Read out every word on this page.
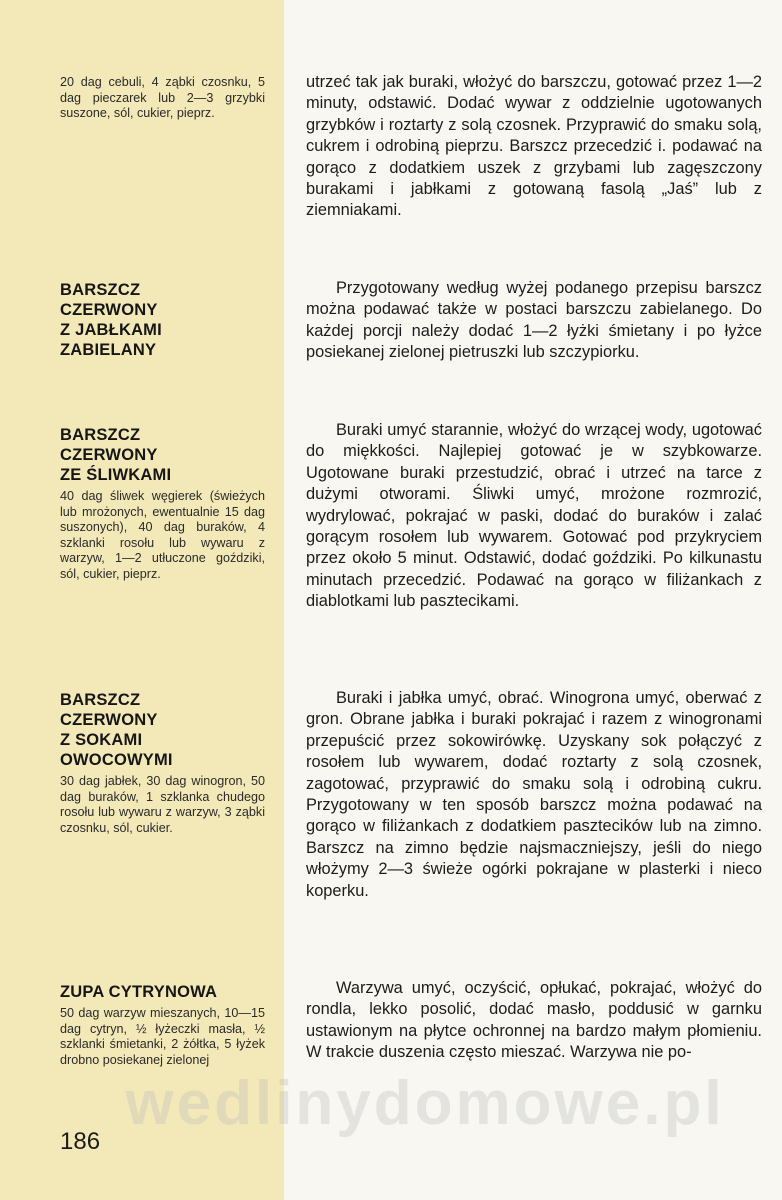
20 dag cebuli, 4 ząbki czosnku, 5 dag pieczarek lub 2—3 grzybki suszone, sól, cukier, pieprz.
BARSZCZ
CZERWONY
Z JABŁKAMI
ZABIELANY
BARSZCZ
CZERWONY
ZE ŚLIWKAMI
40 dag śliwek węgierek (świeżych lub mrożonych, ewentualnie 15 dag suszonych), 40 dag buraków, 4 szklanki rosołu lub wywaru z warzyw, 1—2 utłuczone goździki, sól, cukier, pieprz.
BARSZCZ
CZERWONY
Z SOKAMI
OWOCOWYMI
30 dag jabłek, 30 dag winogron, 50 dag buraków, 1 szklanka chudego rosołu lub wywaru z warzyw, 3 ząbki czosnku, sól, cukier.
ZUPA CYTRYNOWA
50 dag warzyw mieszanych, 10—15 dag cytryn, ½ łyżeczki masła, ½ szklanki śmietanki, 2 żółtka, 5 łyżek drobno posiekanej zielonej

utrzeć tak jak buraki, włożyć do barszczu, gotować przez 1—2 minuty, odstawić. Dodać wywar z oddzielnie ugotowanych grzybków i roztarty z solą czosnek. Przyprawić do smaku solą, cukrem i odrobiną pieprzu. Barszcz przecedzić i. podawać na gorąco z dodatkiem uszek z grzybami lub zagęszczony burakami i jabłkami z gotowaną fasolą „Jaś” lub z ziemniakami.

Przygotowany według wyżej podanego przepisu barszcz można podawać także w postaci barszczu zabielanego. Do każdej porcji należy dodać 1—2 łyżki śmietany i po łyżce posiekanej zielonej pietruszki lub szczypiorku.

Buraki umyć starannie, włożyć do wrzącej wody, ugotować do miękkości. Najlepiej gotować je w szybkowarze. Ugotowane buraki przestudzić, obrać i utrzeć na tarce z dużymi otworami. Śliwki umyć, mrożone rozmrozić, wydrylować, pokrajać w paski, dodać do buraków i zalać gorącym rosołem lub wywarem. Gotować pod przykryciem przez około 5 minut. Odstawić, dodać goździki. Po kilkunastu minutach przecedzić. Podawać na gorąco w filiżankach z diablotkami lub pasztecikami.

Buraki i jabłka umyć, obrać. Winogrona umyć, oberwać z gron. Obrane jabłka i buraki pokrajać i razem z winogronami przepuścić przez sokowirówkę. Uzyskany sok połączyć z rosołem lub wywarem, dodać roztarty z solą czosnek, zagotować, przyprawić do smaku solą i odrobiną cukru. Przygotowany w ten sposób barszcz można podawać na gorąco w filiżankach z dodatkiem pasztecików lub na zimno. Barszcz na zimno będzie najsmaczniejszy, jeśli do niego włożymy 2—3 świeże ogórki pokrajane w plasterki i nieco koperku.

Warzywa umyć, oczyścić, opłukać, pokrajać, włożyć do rondla, lekko posolić, dodać masło, poddusić w garnku ustawionym na płytce ochronnej na bardzo małym płomieniu. W trakcie duszenia często mieszać. Warzywa nie po-

wedlinydomowe.pl
186
